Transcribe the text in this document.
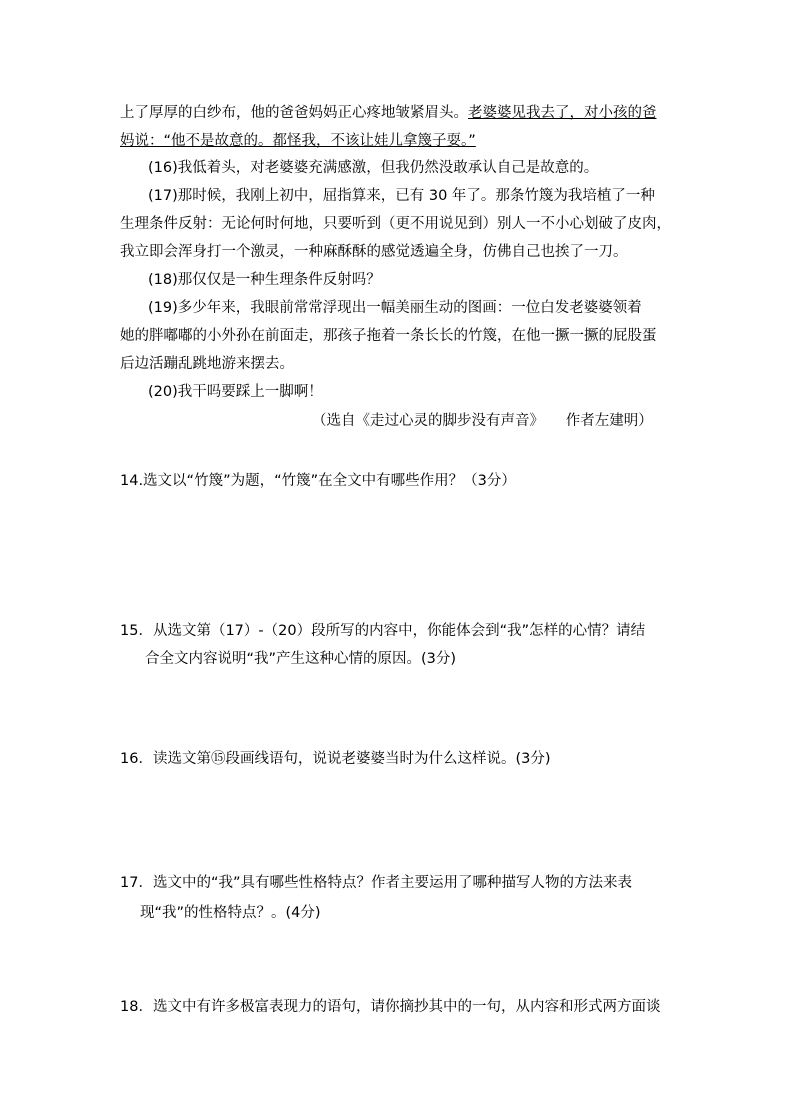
上了厚厚的白纱布，他的爸爸妈妈正心疼地皱紧眉头。老婆婆见我去了，对小孩的爸
妈说：“他不是故意的。都怪我，不该让娃儿拿篾子耍。”
(16)我低着头，对老婆婆充满感激，但我仍然没敢承认自己是故意的。
(17)那时候，我刚上初中，屈指算来，已有 30 年了。那条竹篾为我培植了一种
生理条件反射：无论何时何地，只要听到（更不用说见到）别人一不小心划破了皮肉，
我立即会浑身打一个激灵，一种麻酥酥的感觉透遍全身，仿佛自己也挨了一刀。
(18)那仅仅是一种生理条件反射吗？
(19)多少年来，我眼前常常浮现出一幅美丽生动的图画：一位白发老婆婆领着
她的胖嘟嘟的小外孙在前面走，那孩子拖着一条长长的竹篾，在他一撅一撅的屁股蛋
后边活蹦乱跳地游来摆去。
(20)我干吗要踩上一脚啊！
（选自《走过心灵的脚步没有声音》　　作者左建明）
14.选文以“竹篾”为题，“竹篾”在全文中有哪些作用？（3分）
15．从选文第（17）-（20）段所写的内容中，你能体会到“我”怎样的心情？请结
合全文内容说明“我”产生这种心情的原因。(3分)
16．读选文第⑮段画线语句，说说老婆婆当时为什么这样说。(3分)
17．选文中的“我”具有哪些性格特点？作者主要运用了哪种描写人物的方法来表
现“我”的性格特点？。(4分)
18．选文中有许多极富表现力的语句，请你摘抄其中的一句，从内容和形式两方面谈
